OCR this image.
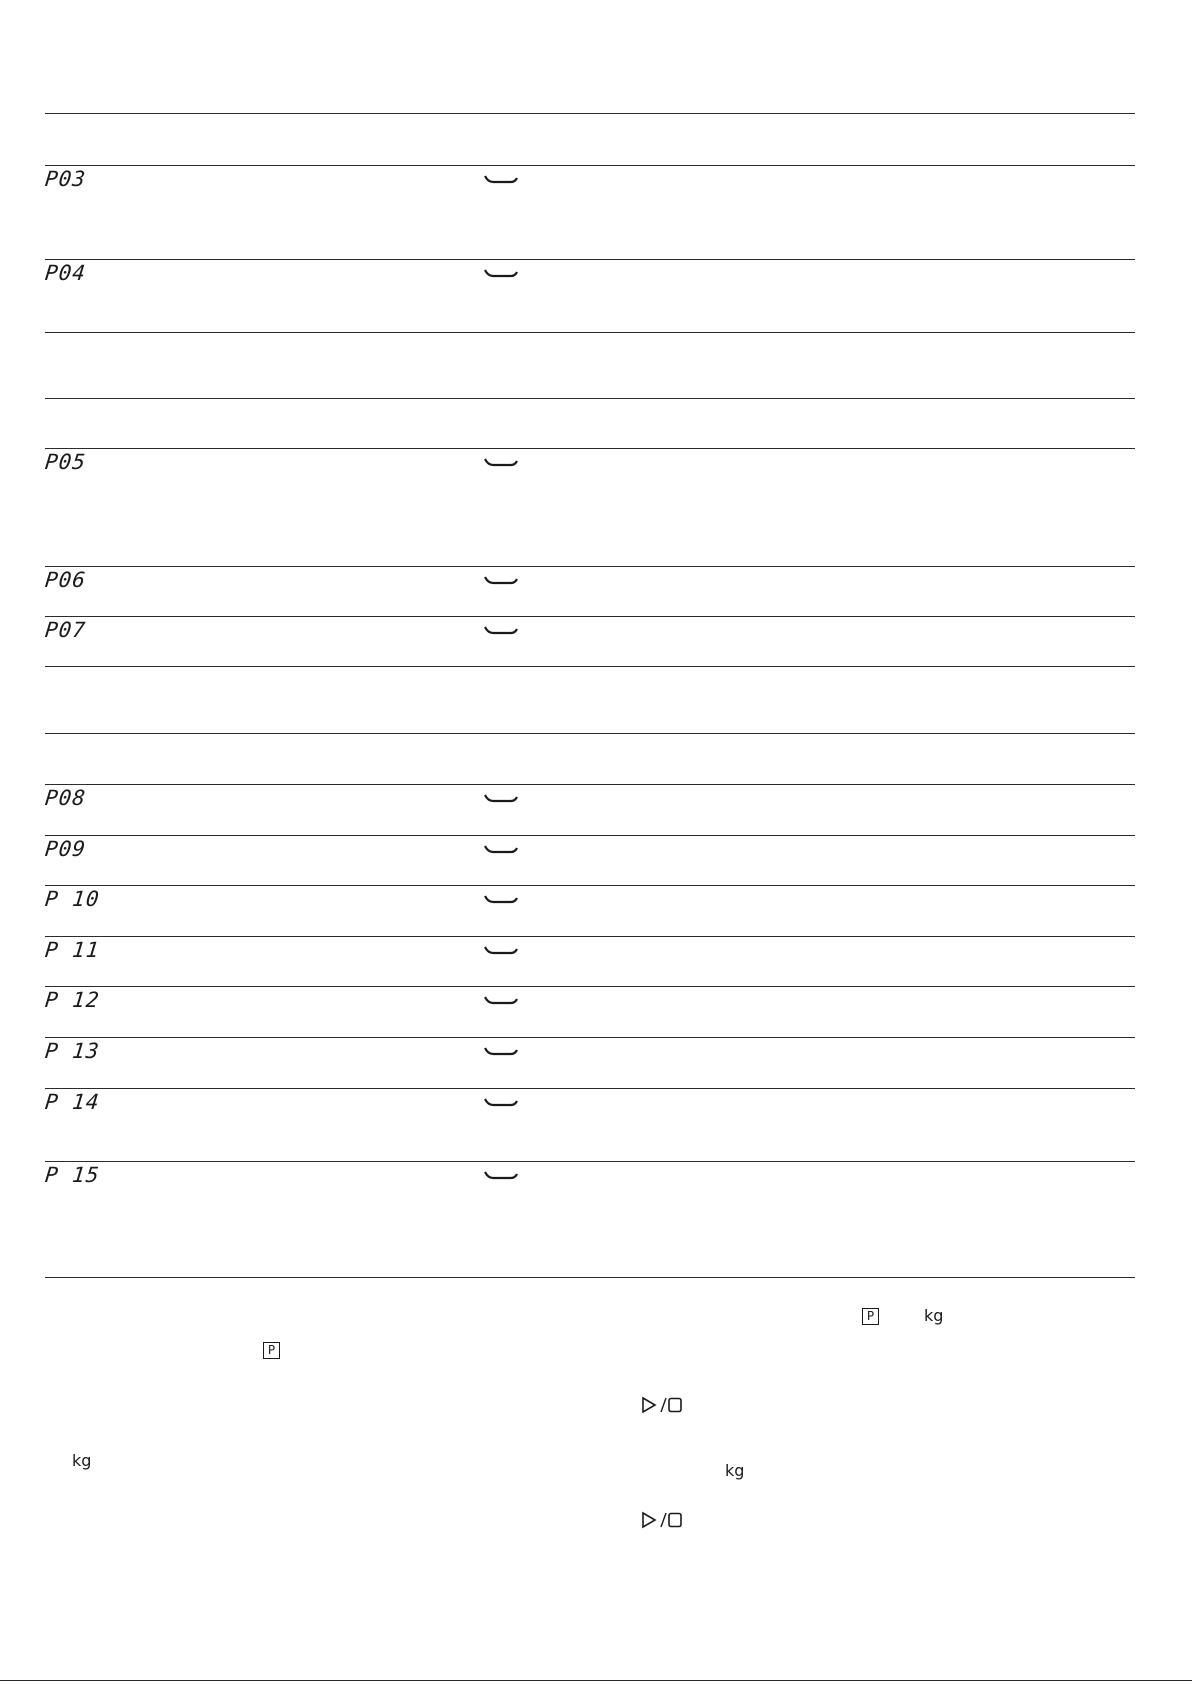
P03
P04
P05
P06
P07
P08
P09
P 10
P 11
P 12
P 13
P 14
P 15
P	kg
P
kg
kg
